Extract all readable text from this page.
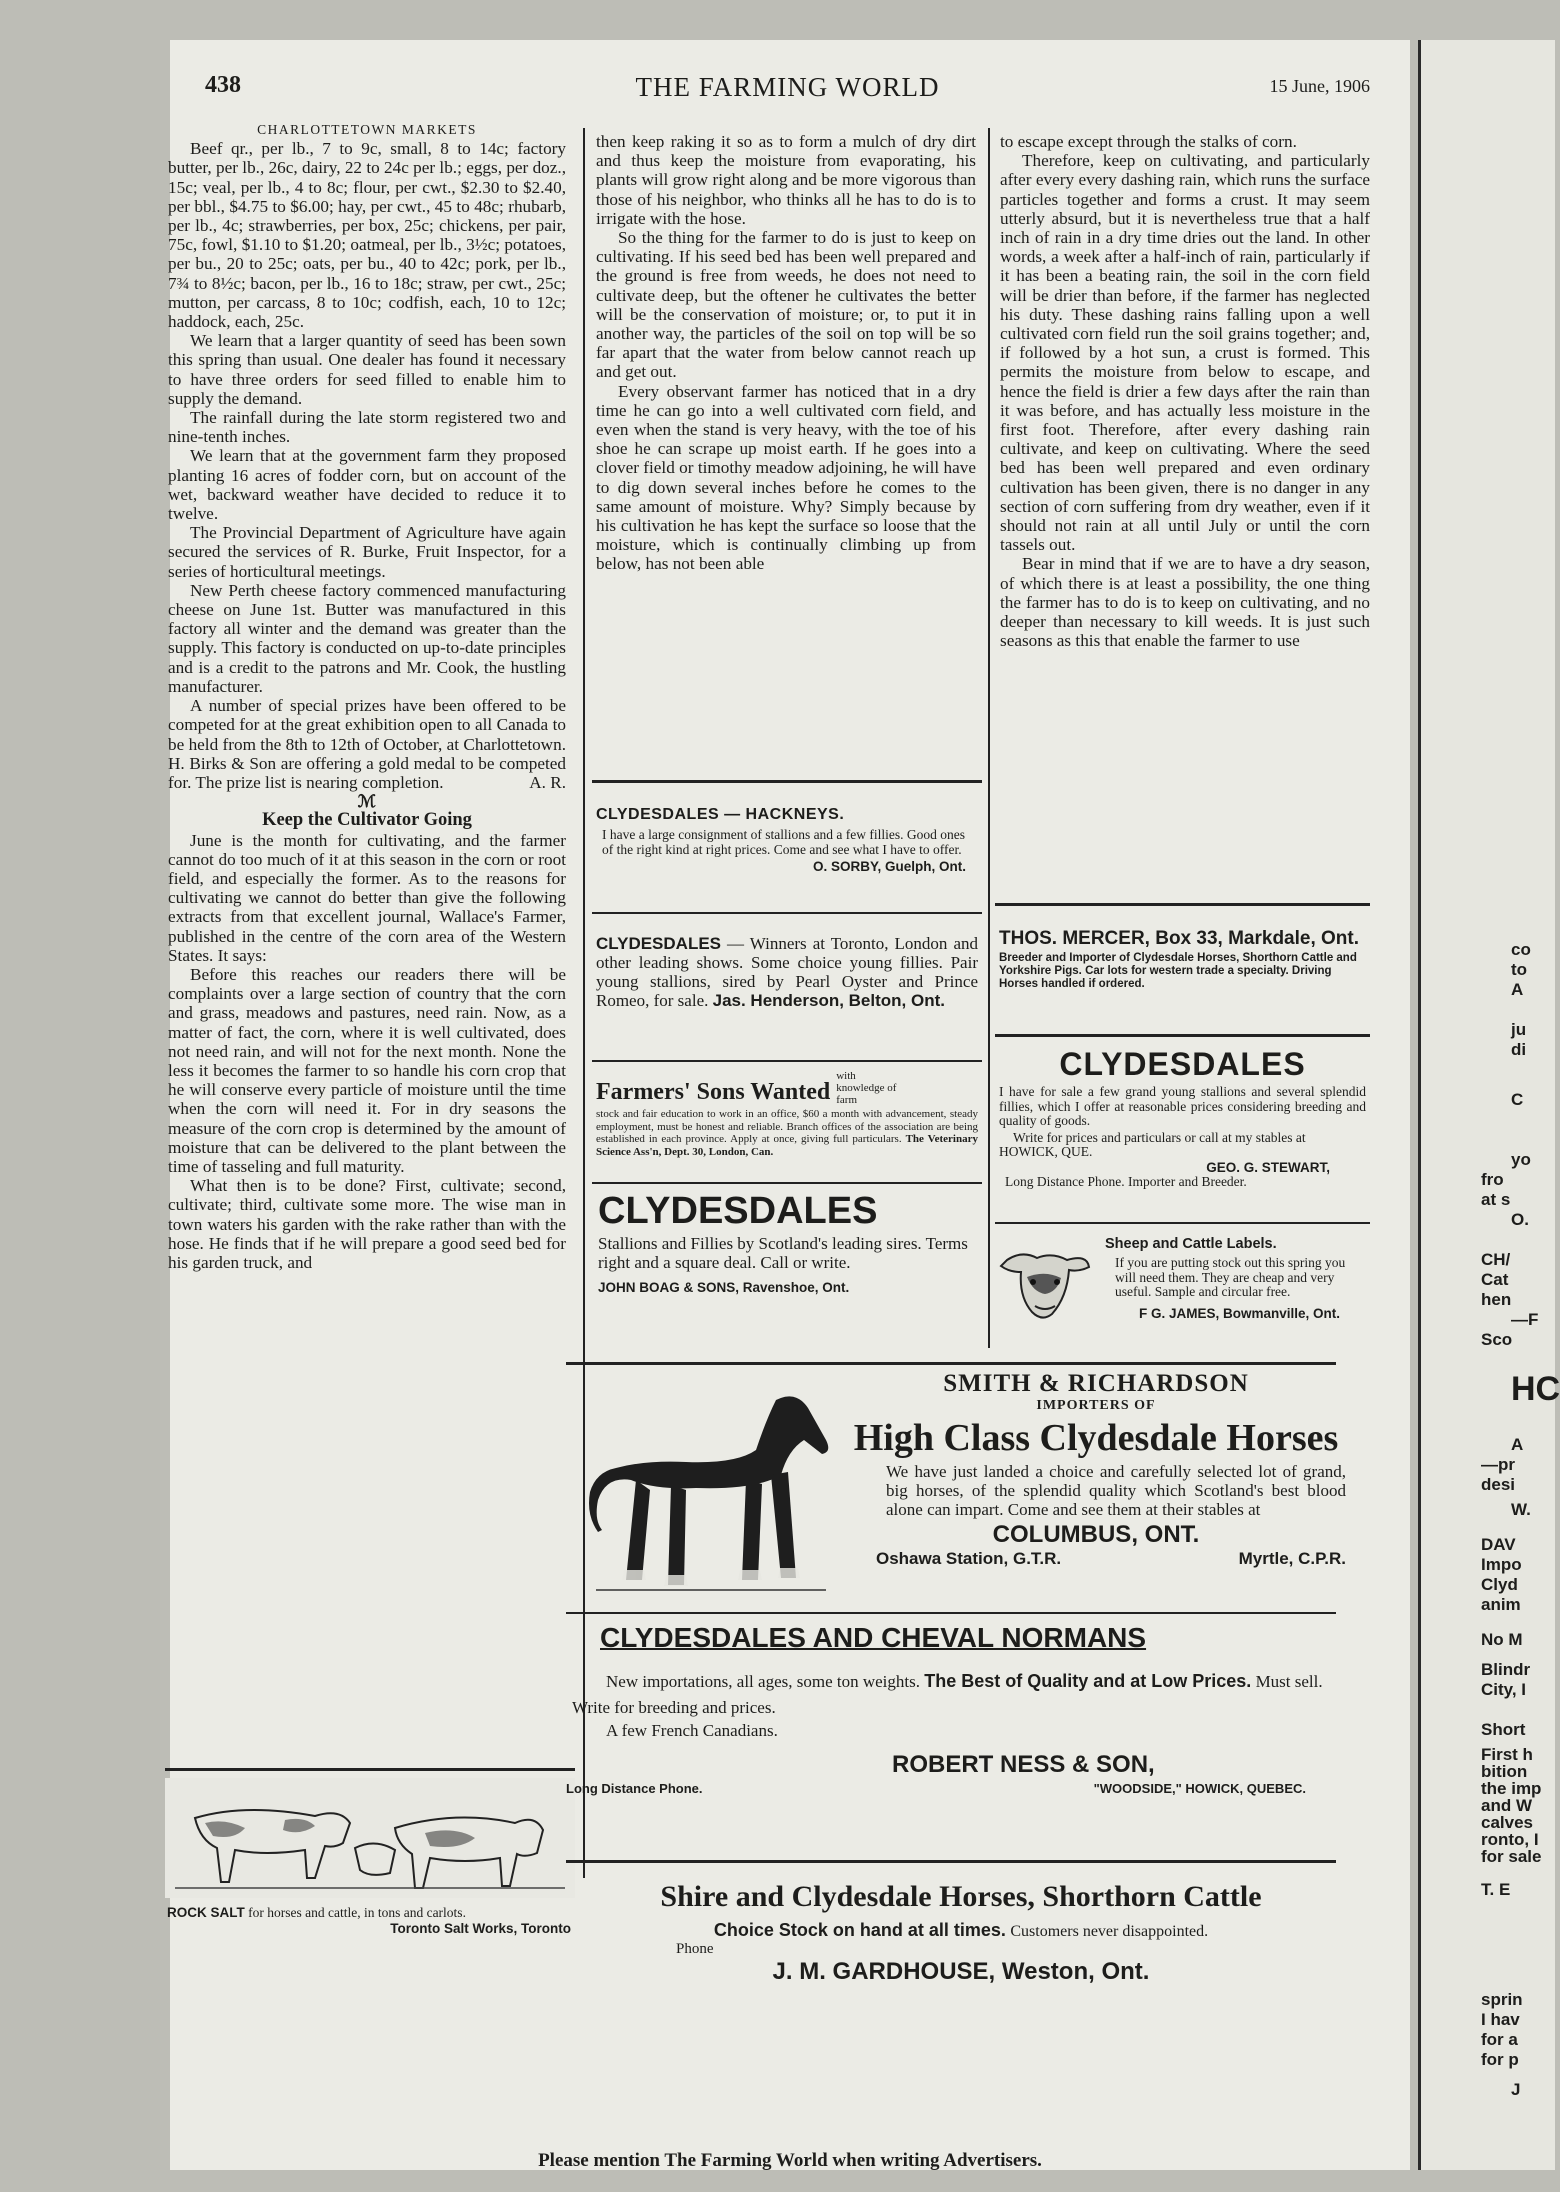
co
to
A
ju
di
C
yo
fro
at s
O.
CH/
Cat
hen
—F
Sco
HC
A
—pr
desi
W.
DAV
Impo
Clyd
anim
No M
Blindr
City, I
Short
First h
bition
the imp
and W
calves
ronto, I
for sale
T. E
sprin
I hav
for a
for p
J
438	THE FARMING WORLD	15 June, 1906

CHARLOTTETOWN MARKETS

Beef qr., per lb., 7 to 9c, small, 8 to 14c; factory butter, per lb., 26c, dairy, 22 to 24c per lb.; eggs, per doz., 15c; veal, per lb., 4 to 8c; flour, per cwt., $2.30 to $2.40, per bbl., $4.75 to $6.00; hay, per cwt., 45 to 48c; rhubarb, per lb., 4c; strawberries, per box, 25c; chickens, per pair, 75c, fowl, $1.10 to $1.20; oatmeal, per lb., 3½c; potatoes, per bu., 20 to 25c; oats, per bu., 40 to 42c; pork, per lb., 7¾ to 8½c; bacon, per lb., 16 to 18c; straw, per cwt., 25c; mutton, per carcass, 8 to 10c; codfish, each, 10 to 12c; haddock, each, 25c.

We learn that a larger quantity of seed has been sown this spring than usual. One dealer has found it necessary to have three orders for seed filled to enable him to supply the demand.

The rainfall during the late storm registered two and nine-tenth inches.

We learn that at the government farm they proposed planting 16 acres of fodder corn, but on account of the wet, backward weather have decided to reduce it to twelve.

The Provincial Department of Agriculture have again secured the services of R. Burke, Fruit Inspector, for a series of horticultural meetings.

New Perth cheese factory commenced manufacturing cheese on June 1st. Butter was manufactured in this factory all winter and the demand was greater than the supply. This factory is conducted on up-to-date principles and is a credit to the patrons and Mr. Cook, the hustling manufacturer.

A number of special prizes have been offered to be competed for at the great exhibition open to all Canada to be held from the 8th to 12th of October, at Charlottetown. H. Birks & Son are offering a gold medal to be competed for. The prize list is nearing completion.	A. R.

ℳ

Keep the Cultivator Going

June is the month for cultivating, and the farmer cannot do too much of it at this season in the corn or root field, and especially the former. As to the reasons for cultivating we cannot do better than give the following extracts from that excellent journal, Wallace's Farmer, published in the centre of the corn area of the Western States. It says:

Before this reaches our readers there will be complaints over a large section of country that the corn and grass, meadows and pastures, need rain. Now, as a matter of fact, the corn, where it is well cultivated, does not need rain, and will not for the next month. None the less it becomes the farmer to so handle his corn crop that he will conserve every particle of moisture until the time when the corn will need it. For in dry seasons the measure of the corn crop is determined by the amount of moisture that can be delivered to the plant between the time of tasseling and full maturity.

What then is to be done? First, cultivate; second, cultivate; third, cultivate some more. The wise man in town waters his garden with the rake rather than with the hose. He finds that if he will prepare a good seed bed for his garden truck, and

then keep raking it so as to form a mulch of dry dirt and thus keep the moisture from evaporating, his plants will grow right along and be more vigorous than those of his neighbor, who thinks all he has to do is to irrigate with the hose.

So the thing for the farmer to do is just to keep on cultivating. If his seed bed has been well prepared and the ground is free from weeds, he does not need to cultivate deep, but the oftener he cultivates the better will be the conservation of moisture; or, to put it in another way, the particles of the soil on top will be so far apart that the water from below cannot reach up and get out.

Every observant farmer has noticed that in a dry time he can go into a well cultivated corn field, and even when the stand is very heavy, with the toe of his shoe he can scrape up moist earth. If he goes into a clover field or timothy meadow adjoining, he will have to dig down several inches before he comes to the same amount of moisture. Why? Simply because by his cultivation he has kept the surface so loose that the moisture, which is continually climbing up from below, has not been able

to escape except through the stalks of corn.

Therefore, keep on cultivating, and particularly after every every dashing rain, which runs the surface particles together and forms a crust. It may seem utterly absurd, but it is nevertheless true that a half inch of rain in a dry time dries out the land. In other words, a week after a half-inch of rain, particularly if it has been a beating rain, the soil in the corn field will be drier than before, if the farmer has neglected his duty. These dashing rains falling upon a well cultivated corn field run the soil grains together; and, if followed by a hot sun, a crust is formed. This permits the moisture from below to escape, and hence the field is drier a few days after the rain than it was before, and has actually less moisture in the first foot. Therefore, after every dashing rain cultivate, and keep on cultivating. Where the seed bed has been well prepared and even ordinary cultivation has been given, there is no danger in any section of corn suffering from dry weather, even if it should not rain at all until July or until the corn tassels out.

Bear in mind that if we are to have a dry season, of which there is at least a possibility, the one thing the farmer has to do is to keep on cultivating, and no deeper than necessary to kill weeds. It is just such seasons as this that enable the farmer to use

ROCK SALT for horses and cattle, in tons and carlots.
Toronto Salt Works, Toronto
CLYDESDALES — HACKNEYS.
I have a large consignment of stallions and a few fillies. Good ones of the right kind at right prices. Come and see what I have to offer.
O. SORBY, Guelph, Ont.
CLYDESDALES — Winners at Toronto, London and other leading shows. Some choice young fillies. Pair young stallions, sired by Pearl Oyster and Prince Romeo, for sale. Jas. Henderson, Belton, Ont.
Farmers' Sons Wanted
with knowledge of farm
stock and fair education to work in an office, $60 a month with advancement, steady employment, must be honest and reliable. Branch offices of the association are being established in each province. Apply at once, giving full particulars. The Veterinary Science Ass'n, Dept. 30, London, Can.
CLYDESDALES
Stallions and Fillies by Scotland's leading sires. Terms right and a square deal. Call or write.
JOHN BOAG & SONS, Ravenshoe, Ont.
THOS. MERCER, Box 33, Markdale, Ont.
Breeder and Importer of Clydesdale Horses, Shorthorn Cattle and Yorkshire Pigs. Car lots for western trade a specialty. Driving Horses handled if ordered.
CLYDESDALES
I have for sale a few grand young stallions and several splendid fillies, which I offer at reasonable prices considering breeding and quality of goods.
Write for prices and particulars or call at my stables at HOWICK, QUE.
GEO. G. STEWART,
Long Distance Phone. Importer and Breeder.
Sheep and Cattle Labels.
If you are putting stock out this spring you will need them. They are cheap and very useful. Sample and circular free.
F G. JAMES, Bowmanville, Ont.
SMITH & RICHARDSON
IMPORTERS OF
High Class Clydesdale Horses
We have just landed a choice and carefully selected lot of grand, big horses, of the splendid quality which Scotland's best blood alone can impart. Come and see them at their stables at
COLUMBUS, ONT.
Oshawa Station, G.T.R.	Myrtle, C.P.R.
CLYDESDALES AND CHEVAL NORMANS
New importations, all ages, some ton weights. The Best of Quality and at Low Prices. Must sell. Write for breeding and prices.
A few French Canadians.
ROBERT NESS & SON,
Long Distance Phone.	"WOODSIDE," HOWICK, QUEBEC.
Shire and Clydesdale Horses, Shorthorn Cattle
Choice Stock on hand at all times. Customers never disappointed.
Phone
J. M. GARDHOUSE, Weston, Ont.
Please mention The Farming World when writing Advertisers.
